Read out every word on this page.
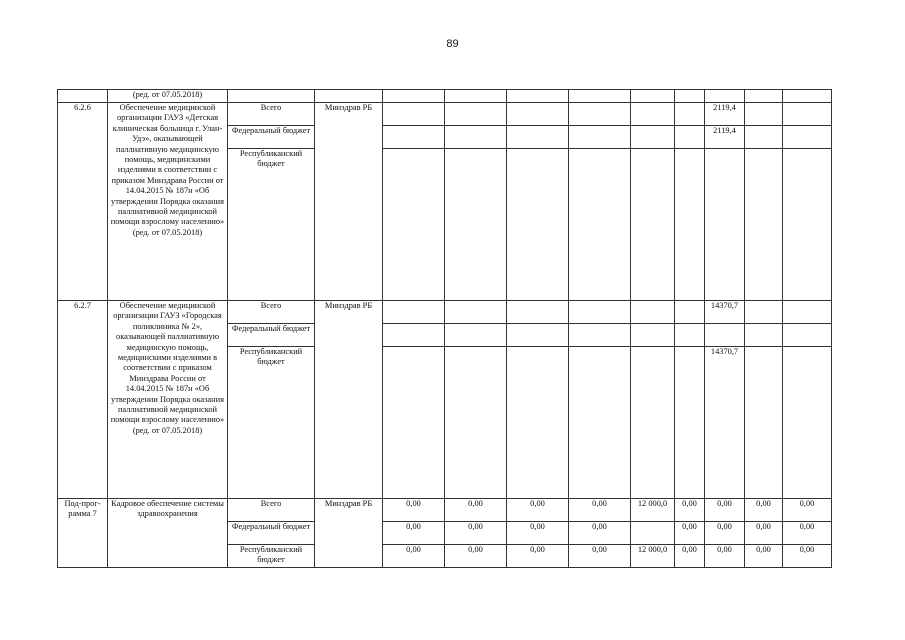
89
	(ред. от 07.05.2018)											
6.2.6	Обеспечение медицинской организации ГАУЗ «Детская клиническая больница г. Улан-Удэ», оказывающей паллиативную медицинскую помощь, медицинскими изделиями в соответствии с приказом Минздрава России от 14.04.2015 № 187н «Об утверждении Порядка оказания паллиативной медицинской помощи взрослому населению» (ред. от 07.05.2018)	Всего	Минздрав РБ							2119,4		
		Федеральный бюджет								2119,4		
		Республиканский бюджет										
6.2.7	Обеспечение медицинской организации ГАУЗ «Городская поликлиника № 2», оказывающей паллиативную медицинскую помощь, медицинскими изделиями в соответствии с приказом Минздрава России от 14.04.2015 № 187н «Об утверждении Порядка оказания паллиативной медицинской помощи взрослому населению» (ред. от 07.05.2018)	Всего	Минздрав РБ							14370,7		
		Федеральный бюджет										
		Республиканский бюджет								14370,7		
Под-прог-рамма 7	Кадровое обеспечение системы здравоохранения	Всего	Минздрав РБ	0,00	0,00	0,00	0,00	12 000,0	0,00	0,00	0,00	0,00
		Федеральный бюджет		0,00	0,00	0,00	0,00		0,00	0,00	0,00	0,00
		Республиканский бюджет		0,00	0,00	0,00	0,00	12 000,0	0,00	0,00	0,00	0,00
